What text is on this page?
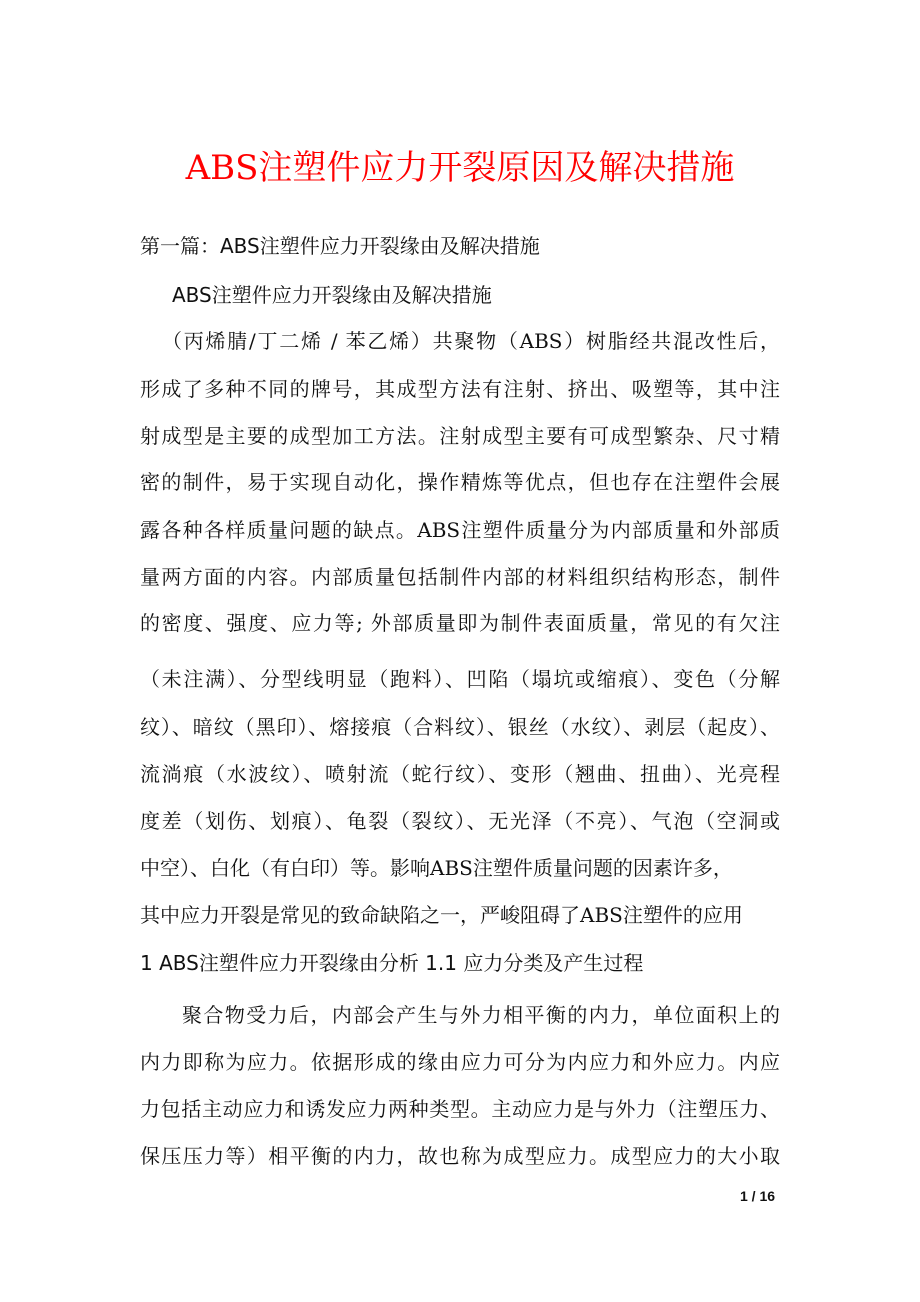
ABS注塑件应力开裂原因及解决措施
第一篇：ABS注塑件应力开裂缘由及解决措施
ABS注塑件应力开裂缘由及解决措施
（丙烯腈/丁二烯 / 苯乙烯）共聚物（ABS）树脂经共混改性后，
形成了多种不同的牌号，其成型方法有注射、挤出、吸塑等，其中注
射成型是主要的成型加工方法。注射成型主要有可成型繁杂、尺寸精
密的制件，易于实现自动化，操作精炼等优点，但也存在注塑件会展
露各种各样质量问题的缺点。ABS注塑件质量分为内部质量和外部质
量两方面的内容。内部质量包括制件内部的材料组织结构形态，制件
的密度、强度、应力等; 外部质量即为制件表面质量，常见的有欠注
（未注满）、分型线明显（跑料）、凹陷（塌坑或缩痕）、变色（分解
纹）、暗纹（黑印）、熔接痕（合料纹）、银丝（水纹）、剥层（起皮）、
流淌痕（水波纹）、喷射流（蛇行纹）、变形（翘曲、扭曲）、光亮程
度差（划伤、划痕）、龟裂（裂纹）、无光泽（不亮）、气泡（空洞或
中空）、白化（有白印）等。影响ABS注塑件质量问题的因素许多，
其中应力开裂是常见的致命缺陷之一，严峻阻碍了ABS注塑件的应用
1 ABS注塑件应力开裂缘由分析 1.1 应力分类及产生过程
聚合物受力后，内部会产生与外力相平衡的内力，单位面积上的
内力即称为应力。依据形成的缘由应力可分为内应力和外应力。内应
力包括主动应力和诱发应力两种类型。主动应力是与外力（注塑压力、
保压压力等）相平衡的内力，故也称为成型应力。成型应力的大小取
1 / 16
